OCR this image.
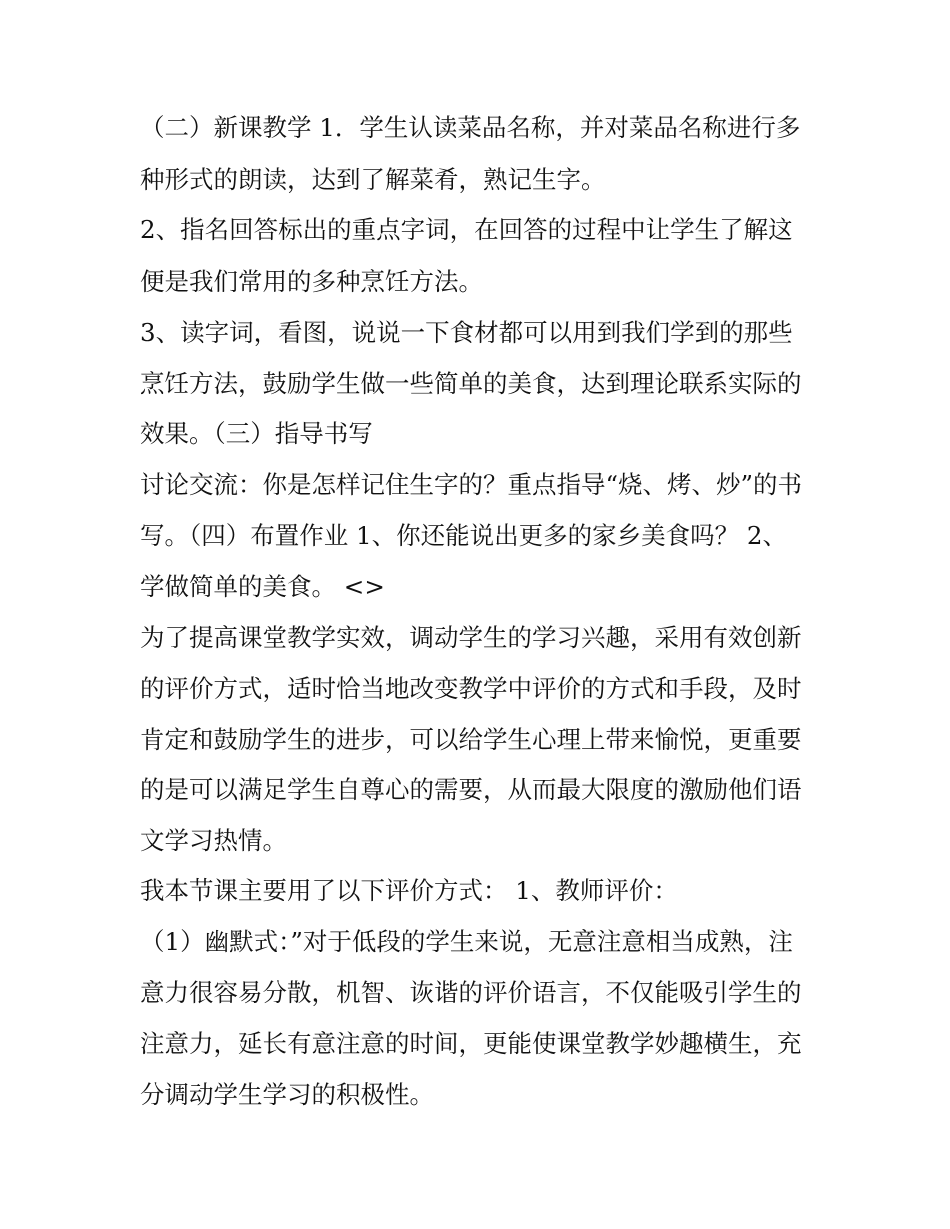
（二）新课教学 1．学生认读菜品名称，并对菜品名称进行多
种形式的朗读，达到了解菜肴，熟记生字。
2、指名回答标出的重点字词，在回答的过程中让学生了解这
便是我们常用的多种烹饪方法。
3、读字词，看图，说说一下食材都可以用到我们学到的那些
烹饪方法，鼓励学生做一些简单的美食，达到理论联系实际的
效果。（三）指导书写
讨论交流：你是怎样记住生字的？重点指导“烧、烤、炒”的书
写。（四）布置作业 1、你还能说出更多的家乡美食吗？ 2、
学做简单的美食。 <>
为了提高课堂教学实效，调动学生的学习兴趣，采用有效创新
的评价方式，适时恰当地改变教学中评价的方式和手段，及时
肯定和鼓励学生的进步，可以给学生心理上带来愉悦，更重要
的是可以满足学生自尊心的需要，从而最大限度的激励他们语
文学习热情。
我本节课主要用了以下评价方式： 1、教师评价：
（1）幽默式：”对于低段的学生来说，无意注意相当成熟，注
意力很容易分散，机智、诙谐的评价语言，不仅能吸引学生的
注意力，延长有意注意的时间，更能使课堂教学妙趣横生，充
分调动学生学习的积极性。
